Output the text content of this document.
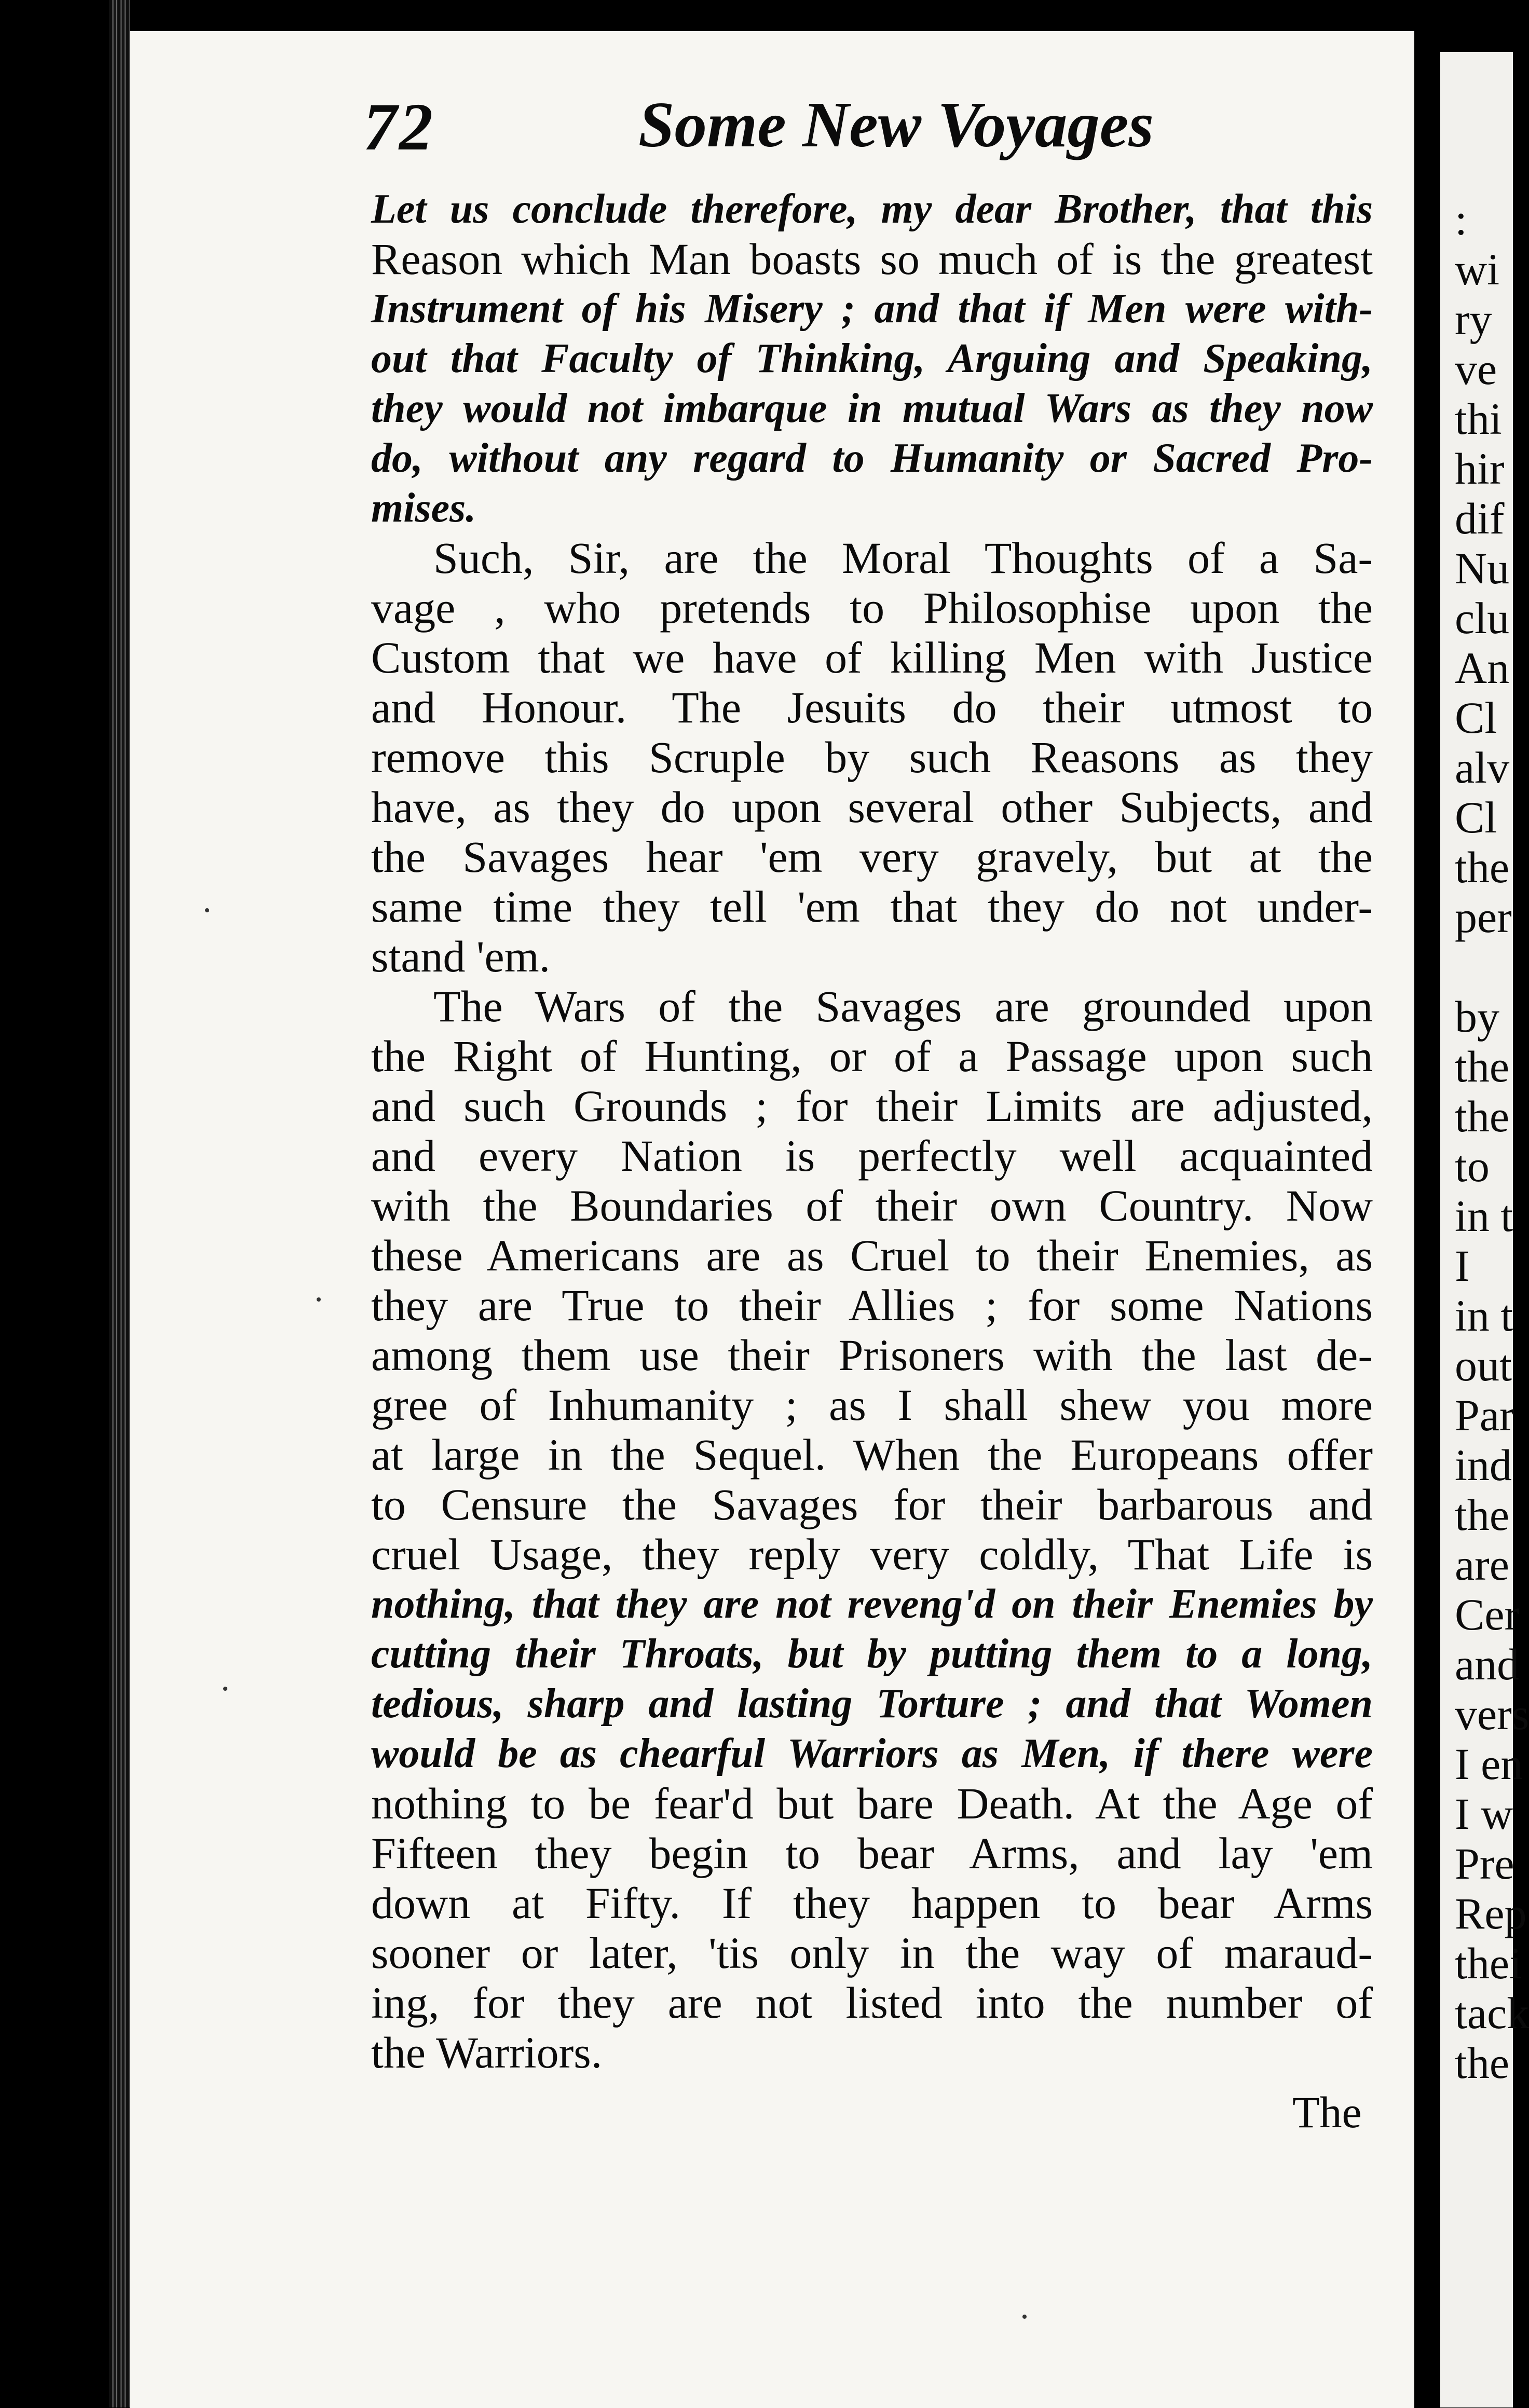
72	Some New Voyages
Let us conclude therefore, my dear Brother, that this
Reason which Man boasts so much of is the greatest
Instrument of his Misery ; and that if Men were with-
out that Faculty of Thinking, Arguing and Speaking,
they would not imbarque in mutual Wars as they now
do, without any regard to Humanity or Sacred Pro-
mises.
Such, Sir, are the Moral Thoughts of a Sa-
vage , who pretends to Philosophise upon the
Custom that we have of killing Men with Justice
and Honour. The Jesuits do their utmost to
remove this Scruple by such Reasons as they
have, as they do upon several other Subjects, and
the Savages hear 'em very gravely, but at the
same time they tell 'em that they do not under-
stand 'em.
The Wars of the Savages are grounded upon
the Right of Hunting, or of a Passage upon such
and such Grounds ; for their Limits are adjusted,
and every Nation is perfectly well acquainted
with the Boundaries of their own Country. Now
these Americans are as Cruel to their Enemies, as
they are True to their Allies ; for some Nations
among them use their Prisoners with the last de-
gree of Inhumanity ; as I shall shew you more
at large in the Sequel. When the Europeans offer
to Censure the Savages for their barbarous and
cruel Usage, they reply very coldly, That Life is
nothing, that they are not reveng'd on their Enemies by
cutting their Throats, but by putting them to a long,
tedious, sharp and lasting Torture ; and that Women
would be as chearful Warriors as Men, if there were
nothing to be fear'd but bare Death. At the Age of
Fifteen they begin to bear Arms, and lay 'em
down at Fifty. If they happen to bear Arms
sooner or later, 'tis only in the way of maraud-
ing, for they are not listed into the number of
the Warriors.
The
:
wi
ry
ve
thi
hir
dif
Nu
clu
An
Cl
alv
Cl
the
per
by
the
the
to
in t
I
in t
out
Par
ind
the
are
Cer
and
vers
I en
I w
Pre
Rep
thei
tack
the
